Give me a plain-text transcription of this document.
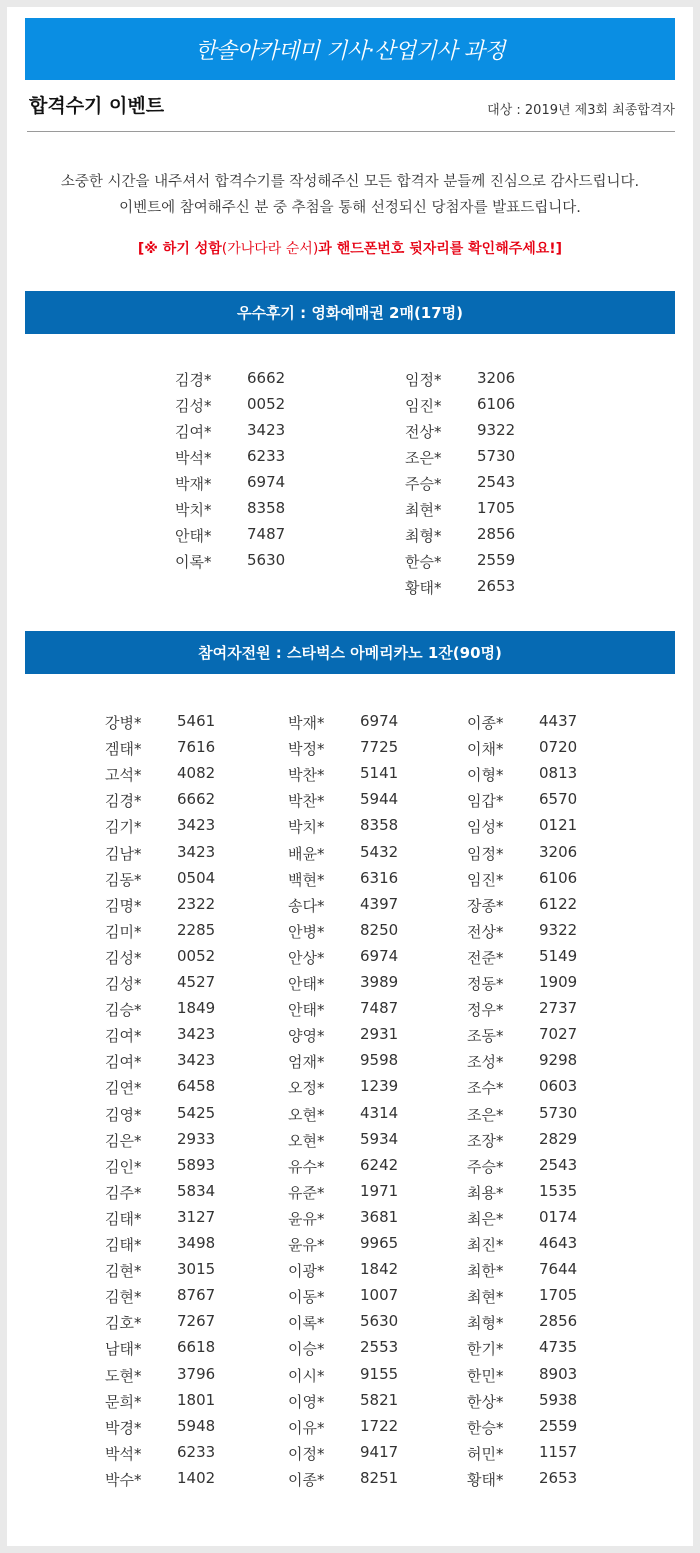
한솔아카데미 기사·산업기사 과정
합격수기 이벤트	대상 : 2019년 제3회 최종합격자
소중한 시간을 내주셔서 합격수기를 작성해주신 모든 합격자 분들께 진심으로 감사드립니다.
이벤트에 참여해주신 분 중 추첨을 통해 선정되신 당첨자를 발표드립니다.
[※ 하기 성함(가나다라 순서)과 핸드폰번호 뒷자리를 확인해주세요!]
우수후기 : 영화예매권 2매(17명)
김경* 6662
김성* 0052
김여* 3423
박석* 6233
박재* 6974
박치* 8358
안태* 7487
이록* 5630
임정* 3206
임진* 6106
전상* 9322
조은* 5730
주승* 2543
최현* 1705
최형* 2856
한승* 2559
황태* 2653
참여자전원 : 스타벅스 아메리카노 1잔(90명)
강병* 5461
겜태* 7616
고석* 4082
김경* 6662
김기* 3423
김남* 3423
김동* 0504
김명* 2322
김미* 2285
김성* 0052
김성* 4527
김승* 1849
김여* 3423
김여* 3423
김연* 6458
김영* 5425
김은* 2933
김인* 5893
김주* 5834
김태* 3127
김태* 3498
김현* 3015
김현* 8767
김호* 7267
남태* 6618
도현* 3796
문희* 1801
박경* 5948
박석* 6233
박수* 1402
박재* 6974
박정* 7725
박찬* 5141
박찬* 5944
박치* 8358
배윤* 5432
백현* 6316
송다* 4397
안병* 8250
안상* 6974
안태* 3989
안태* 7487
양영* 2931
엄재* 9598
오정* 1239
오현* 4314
오현* 5934
유수* 6242
유준* 1971
윤유* 3681
윤유* 9965
이광* 1842
이동* 1007
이록* 5630
이승* 2553
이시* 9155
이영* 5821
이유* 1722
이정* 9417
이종* 8251
이종* 4437
이채* 0720
이형* 0813
임갑* 6570
임성* 0121
임정* 3206
임진* 6106
장종* 6122
전상* 9322
전준* 5149
정동* 1909
정우* 2737
조동* 7027
조성* 9298
조수* 0603
조은* 5730
조장* 2829
주승* 2543
최용* 1535
최은* 0174
최진* 4643
최한* 7644
최현* 1705
최형* 2856
한기* 4735
한민* 8903
한상* 5938
한승* 2559
허민* 1157
황태* 2653
